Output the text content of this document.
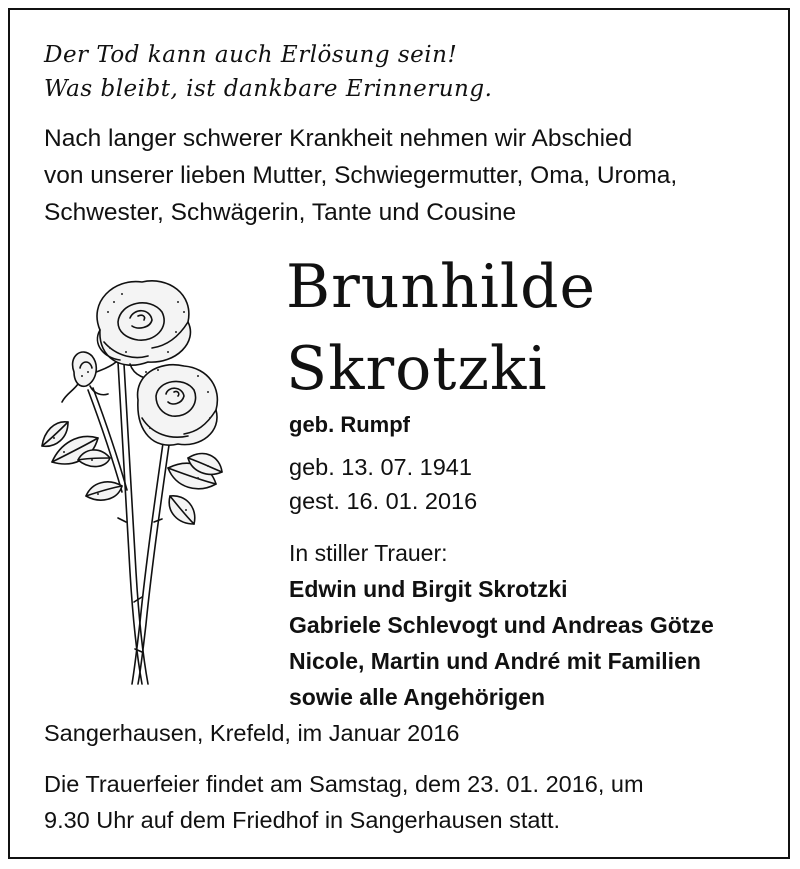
Der Tod kann auch Erlösung sein!
Was bleibt, ist dankbare Erinnerung.
Nach langer schwerer Krankheit nehmen wir Abschied
von unserer lieben Mutter, Schwiegermutter, Oma, Uroma,
Schwester, Schwägerin, Tante und Cousine
Brunhilde
Skrotzki
geb. Rumpf
geb. 13. 07. 1941
gest. 16. 01. 2016
In stiller Trauer:
Edwin und Birgit Skrotzki
Gabriele Schlevogt und Andreas Götze
Nicole, Martin und André mit Familien
sowie alle Angehörigen
Sangerhausen, Krefeld, im Januar 2016
Die Trauerfeier findet am Samstag, dem 23. 01. 2016, um
9.30 Uhr auf dem Friedhof in Sangerhausen statt.
